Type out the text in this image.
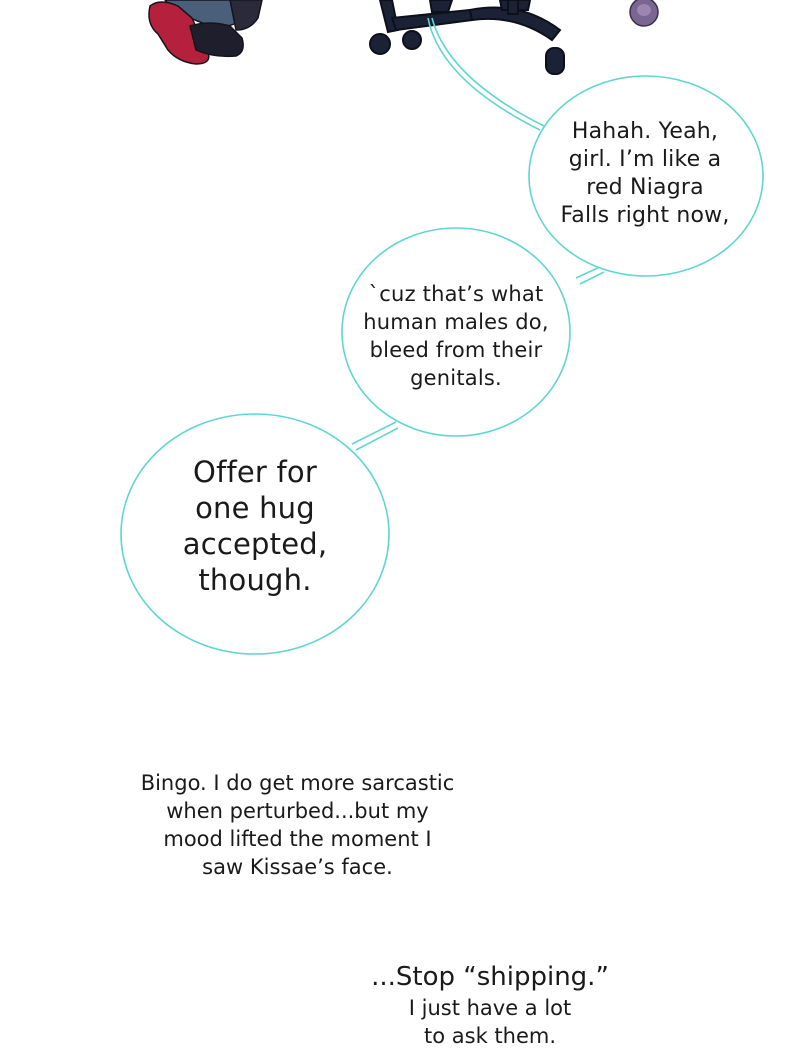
Hahah. Yeah,
girl. I’m like a
red Niagra
Falls right now,
`cuz that’s what
human males do,
bleed from their
genitals.
Offer for
one hug
accepted,
though.
Bingo. I do get more sarcastic
when perturbed...but my
mood lifted the moment I
saw Kissae’s face.
...Stop “shipping.”
I just have a lot
to ask them.
